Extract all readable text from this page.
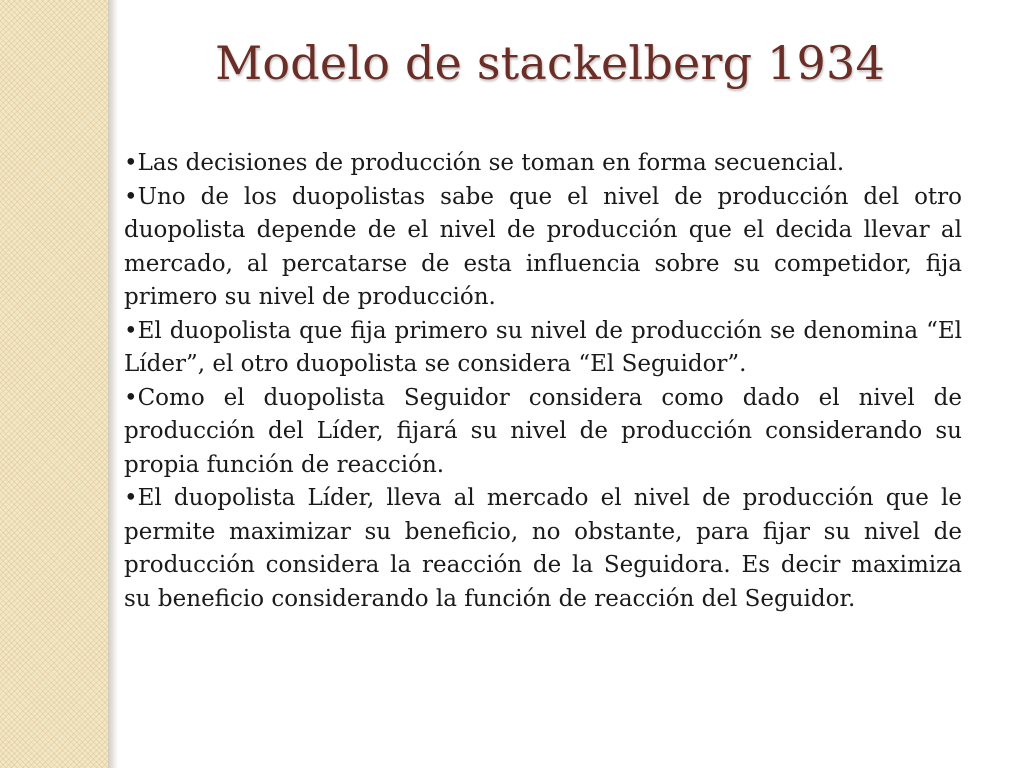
Modelo de stackelberg 1934

•Las decisiones de producción se toman en forma secuencial.

•Uno de los duopolistas sabe que el nivel de producción del otro duopolista depende de el nivel de producción que el decida llevar al mercado, al percatarse de esta influencia sobre su competidor, fija primero su nivel de producción.

•El duopolista que fija primero su nivel de producción se denomina “El Líder”, el otro duopolista se considera “El Seguidor”.

•Como el duopolista Seguidor considera como dado el nivel de producción del Líder, fijará su nivel de producción considerando su propia función de reacción.

•El duopolista Líder, lleva al mercado el nivel de producción que le permite maximizar su beneficio, no obstante, para fijar su nivel de producción considera la reacción de la Seguidora. Es decir maximiza su beneficio considerando la función de reacción del Seguidor.
